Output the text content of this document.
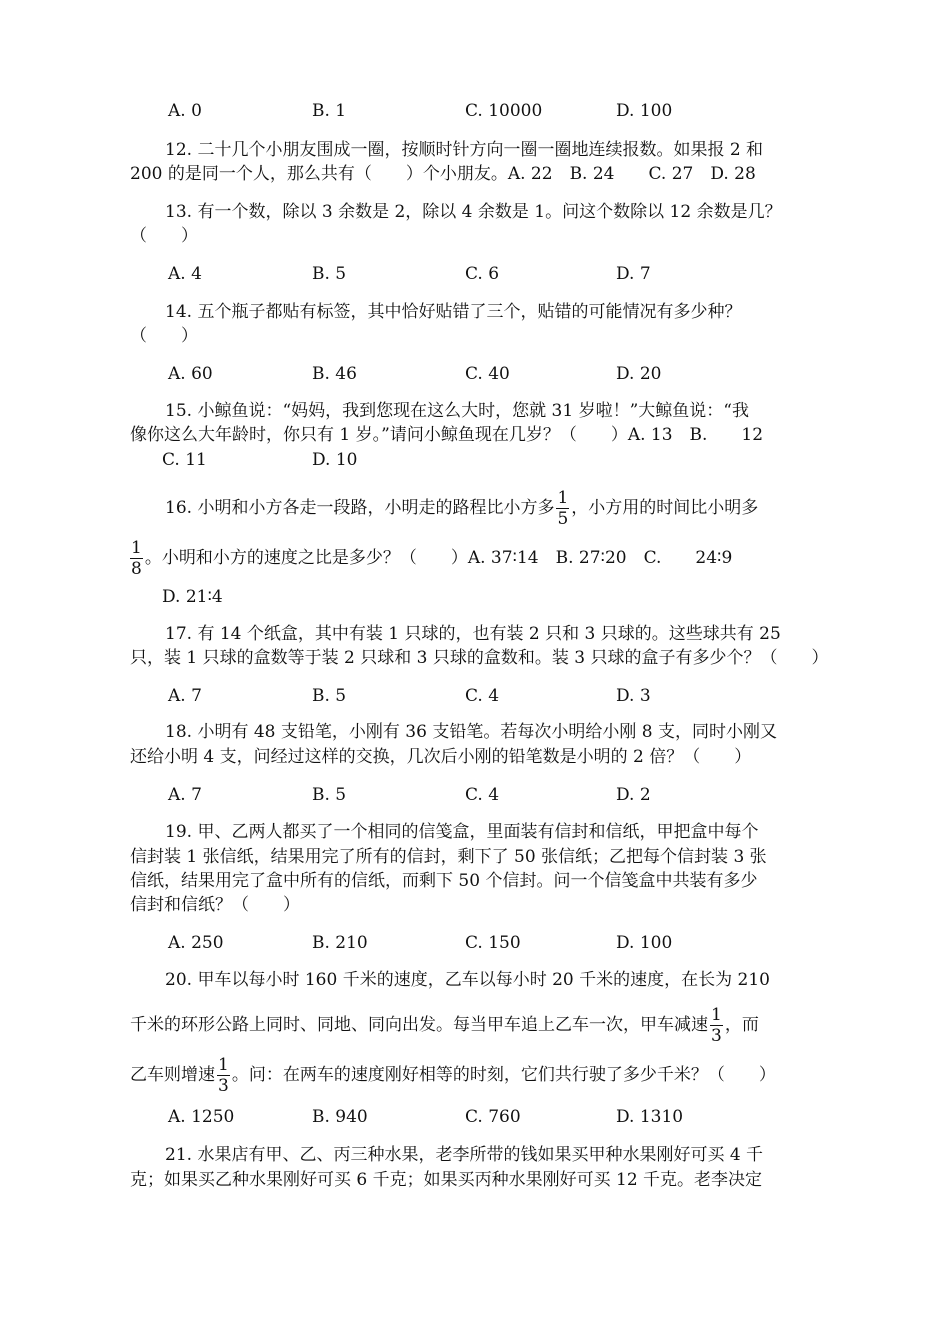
A. 0	B. 1	C. 10000	D. 100
12. 二十几个小朋友围成一圈，按顺时针方向一圈一圈地连续报数。如果报 2 和
200 的是同一个人，那么共有（　　）个小朋友。A. 22　B. 24　　C. 27　D. 28
13. 有一个数，除以 3 余数是 2，除以 4 余数是 1。问这个数除以 12 余数是几？
（　　）
A. 4	B. 5	C. 6	D. 7
14. 五个瓶子都贴有标签，其中恰好贴错了三个，贴错的可能情况有多少种？
（　　）
A. 60	B. 46	C. 40	D. 20
15. 小鲸鱼说：“妈妈，我到您现在这么大时，您就 31 岁啦！”大鲸鱼说：“我
像你这么大年龄时，你只有 1 岁。”请问小鲸鱼现在几岁？（　　）A. 13　B.　　12
C. 11	D. 10
16. 小明和小方各走一段路，小明走的路程比小方多 $\frac{1}{5}$ ，小方用的时间比小明多
$\frac{1}{8}$ 。小明和小方的速度之比是多少？（　　）A. 37∶14　B. 27∶20　C.　　24∶9
D. 21∶4
17. 有 14 个纸盒，其中有装 1 只球的，也有装 2 只和 3 只球的。这些球共有 25
只，装 1 只球的盒数等于装 2 只球和 3 只球的盒数和。装 3 只球的盒子有多少个？（　　）
A. 7	B. 5	C. 4	D. 3
18. 小明有 48 支铅笔，小刚有 36 支铅笔。若每次小明给小刚 8 支，同时小刚又
还给小明 4 支，问经过这样的交换，几次后小刚的铅笔数是小明的 2 倍？（　　）
A. 7	B. 5	C. 4	D. 2
19. 甲、乙两人都买了一个相同的信笺盒，里面装有信封和信纸，甲把盒中每个
信封装 1 张信纸，结果用完了所有的信封，剩下了 50 张信纸；乙把每个信封装 3 张
信纸，结果用完了盒中所有的信纸，而剩下 50 个信封。问一个信笺盒中共装有多少
信封和信纸？（　　）
A. 250	B. 210	C. 150	D. 100
20. 甲车以每小时 160 千米的速度，乙车以每小时 20 千米的速度，在长为 210
千米的环形公路上同时、同地、同向出发。每当甲车追上乙车一次，甲车减速 $\frac{1}{3}$ ，而
乙车则增速 $\frac{1}{3}$ 。问：在两车的速度刚好相等的时刻，它们共行驶了多少千米？（　　）
A. 1250	B. 940	C. 760	D. 1310
21. 水果店有甲、乙、丙三种水果，老李所带的钱如果买甲种水果刚好可买 4 千
克；如果买乙种水果刚好可买 6 千克；如果买丙种水果刚好可买 12 千克。老李决定
